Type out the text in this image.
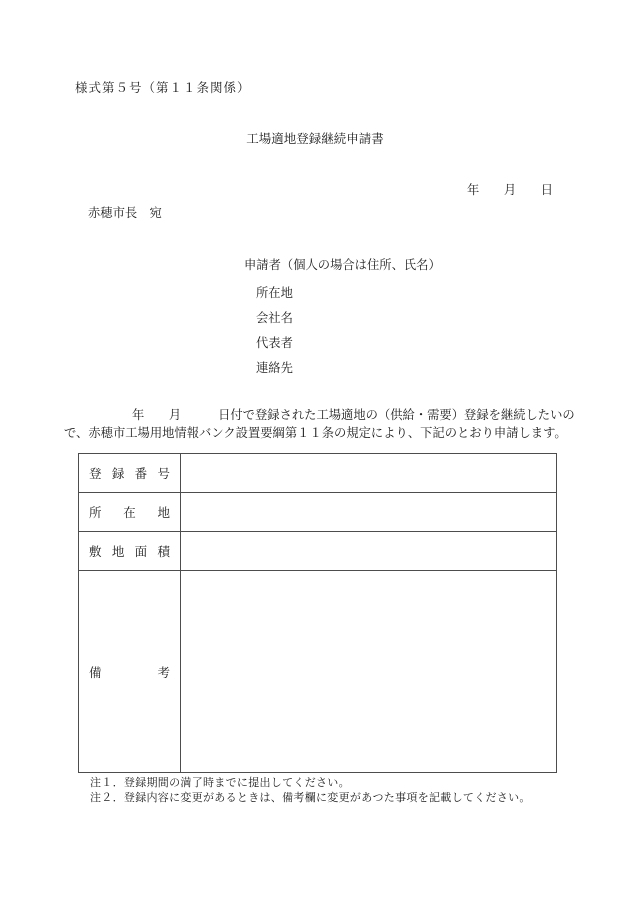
様式第５号（第１１条関係）
工場適地登録継続申請書
年　　月　　日
赤穂市長　宛
申請者（個人の場合は住所、氏名）
所在地
会社名
代表者
連絡先
年　　月　　　日付で登録された工場適地の（供給・需要）登録を継続したいの
で、赤穂市工場用地情報バンク設置要綱第１１条の規定により、下記のとおり申請します。
登 録 番 号
所 在 地
敷 地 面 積
備	考
注１．登録期間の満了時までに提出してください。
注２．登録内容に変更があるときは、備考欄に変更があつた事項を記載してください。
